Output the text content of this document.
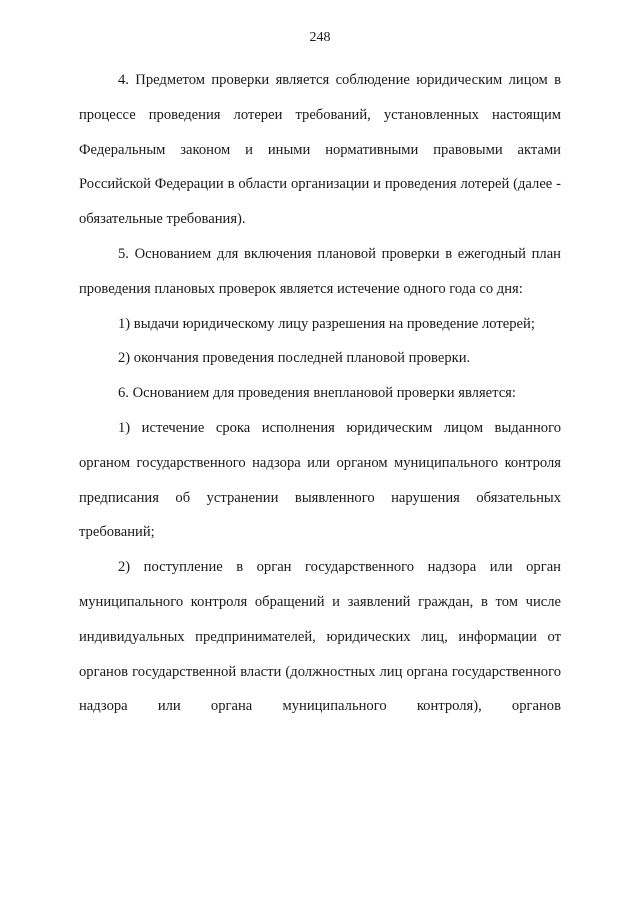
248

4. Предметом проверки является соблюдение юридическим лицом в процессе проведения лотереи требований, установленных настоящим Федеральным законом и иными нормативными правовыми актами Российской Федерации в области организации и проведения лотерей (далее - обязательные требования).

5. Основанием для включения плановой проверки в ежегодный план проведения плановых проверок является истечение одного года со дня:

1) выдачи юридическому лицу разрешения на проведение лотерей;

2) окончания проведения последней плановой проверки.

6. Основанием для проведения внеплановой проверки является:

1) истечение срока исполнения юридическим лицом выданного органом государственного надзора или органом муниципального контроля предписания об устранении выявленного нарушения обязательных требований;

2) поступление в орган государственного надзора или орган муниципального контроля обращений и заявлений граждан, в том числе индивидуальных предпринимателей, юридических лиц, информации от органов государственной власти (должностных лиц органа государственного надзора или органа муниципального контроля), органов
